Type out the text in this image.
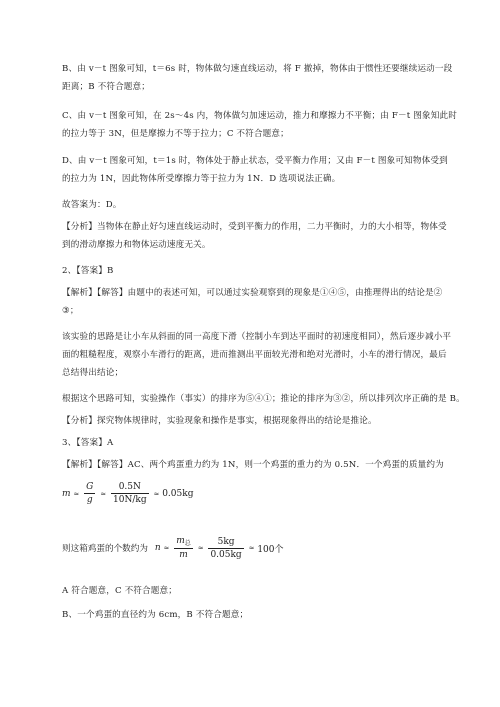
B、由 v－t 图象可知，t＝6s 时，物体做匀速直线运动，将 F 撤掉，物体由于惯性还要继续运动一段
距离；B 不符合题意；

C、由 v－t 图象可知，在 2s～4s 内，物体做匀加速运动，推力和摩擦力不平衡；由 F－t 图象知此时
的拉力等于 3N，但是摩擦力不等于拉力；C 不符合题意；

D、由 v－t 图象可知，t＝1s 时，物体处于静止状态，受平衡力作用；又由 F－t 图象可知物体受到
的拉力为 1N，因此物体所受摩擦力等于拉力为 1N．D 选项说法正确。

故答案为：D。

【分析】当物体在静止好匀速直线运动时，受到平衡力的作用，二力平衡时，力的大小相等，物体受
到的滑动摩擦力和物体运动速度无关。

2、【答案】B

【解析】【解答】由题中的表述可知，可以通过实验观察到的现象是①④⑤，由推理得出的结论是②
③；

该实验的思路是让小车从斜面的同一高度下滑（控制小车到达平面时的初速度相同），然后逐步减小平
面的粗糙程度，观察小车滑行的距离，进而推测出平面较光滑和绝对光滑时，小车的滑行情况，最后
总结得出结论；

根据这个思路可知，实验操作（事实）的排序为⑤④①；推论的排序为③②，所以排列次序正确的是 B。

【分析】探究物体规律时，实验现象和操作是事实，根据现象得出的结论是推论。

3、【答案】A

【解析】【解答】AC、两个鸡蛋重力约为 1N，则一个鸡蛋的重力约为 0.5N．一个鸡蛋的质量约为

$m \approx \frac{G}{g} \approx \frac{0.5N}{10N/kg} \approx 0.05kg$
则这箱鸡蛋的个数约为 $n \approx \frac{m_总}{m} \approx \frac{5kg}{0.05kg} \approx 100$个

A 符合题意，C 不符合题意；

B、一个鸡蛋的直径约为 6cm，B 不符合题意；
